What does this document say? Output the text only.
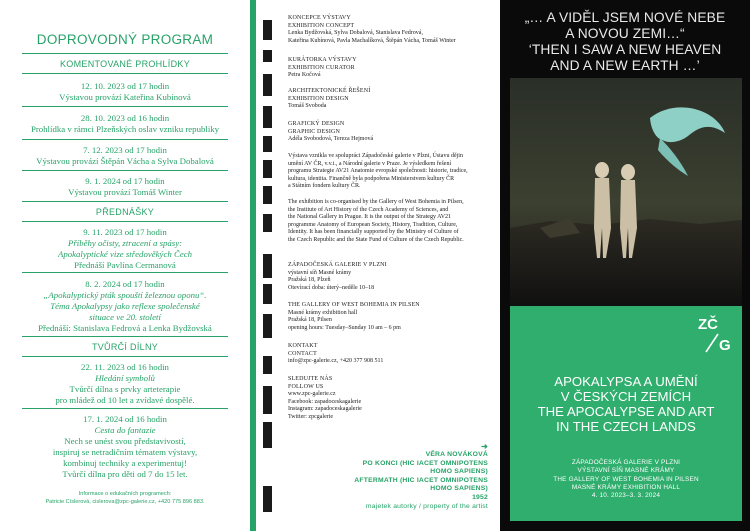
DOPROVODNÝ PROGRAM
KOMENTOVANÉ PROHLÍDKY
12. 10. 2023 od 17 hodin
Výstavou provází Kateřina Kubínová
28. 10. 2023 od 16 hodin
Prohlídka v rámci Plzeňských oslav vzniku republiky
7. 12. 2023 od 17 hodin
Výstavou provází Štěpán Vácha a Sylva Dobalová
9. 1. 2024 od 17 hodin
Výstavou provází Tomáš Winter
PŘEDNÁŠKY
9. 11. 2023 od 17 hodin
Příběhy očisty, ztracení a spásy:
Apokalyptické vize středověkých Čech
Přednáší Pavlína Cermanová
8. 2. 2024 od 17 hodin
„Apokalyptický pták spouští železnou oponu“.
Téma Apokalypsy jako reflexe společenské
situace ve 20. století
Přednáší: Stanislava Fedrová a Lenka Bydžovská
TVŮRČÍ DÍLNY
22. 11. 2023 od 16 hodin
Hledání symbolů
Tvůrčí dílna s prvky arteterapie
pro mládež od 10 let a zvídavé dospělé.
17. 1. 2024 od 16 hodin
Cesta do fantazie
Nech se unést svou představivostí,
inspiruj se netradičním tématem výstavy,
kombinuj techniky a experimentuj!
Tvůrčí dílna pro děti od 7 do 15 let.
Informace o edukačních programech:
Patricie Císlerová, cislerova@zpc-galerie.cz, +420 775 896 883.

KONCEPCE VÝSTAVY

EXHIBITION CONCEPT

Lenka Bydžovská, Sylva Dobalová, Stanislava Fedrová,

Kateřina Kubínová, Pavla Machalíková, Štěpán Vácha, Tomáš Winter

KURÁTORKA VÝSTAVY

EXHIBITION CURATOR

Petra Kočová

ARCHITEKTONICKÉ ŘEŠENÍ

EXHIBITION DESIGN

Tomáš Svoboda

GRAFICKÝ DESIGN

GRAPHIC DESIGN

Adéla Svobodová, Tereza Hejmová

Výstava vznikla ve spolupráci Západočeské galerie v Plzni, Ústavu dějin

umění AV ČR, v.v.i., a Národní galerie v Praze. Je výsledkem řešení

programu Strategie AV21 Anatomie evropské společnosti: historie, tradice,

kultura, identita. Finančně byla podpořena Ministerstvem kultury ČR

a Státním fondem kultury ČR.

The exhibition is co-organised by the Gallery of West Bohemia in Pilsen,

the Institute of Art History of the Czech Academy of Sciences, and

the National Gallery in Prague. It is the output of the Strategy AV21

programme Anatomy of European Society, History, Tradition, Culture,

Identity. It has been financially supported by the Ministry of Culture of

the Czech Republic and the State Fund of Culture of the Czech Republic.

ZÁPADOČESKÁ GALERIE V PLZNI

výstavní síň Masné krámy

Pražská 18, Plzeň

Otevírací doba: úterý–neděle 10–18

THE GALLERY OF WEST BOHEMIA IN PILSEN

Masné krámy exhibition hall

Pražská 18, Pilsen

opening hours: Tuesday–Sunday 10 am – 6 pm

KONTAKT

CONTACT

info@zpc-galerie.cz, +420 377 908 511

SLEDUJTE NÁS

FOLLOW US

www.zpc-galerie.cz

Facebook: zapadoceskagalerie

Instagram: zapadoceskagalerie

Twitter: zpcgalerie

➜
VĚRA NOVÁKOVÁ
PO KONCI (HIC IACET OMNIPOTENS
HOMO SAPIENS)
AFTERMATH (HIC IACET OMNIPOTENS
HOMO SAPIENS)
1952
majetek autorky / property of the artist
„… A VIDĚL JSEM NOVÉ NEBE
A NOVOU ZEMI…“
‘THEN I SAW A NEW HEAVEN
AND A NEW EARTH …’
ZČ
G
APOKALYPSA A UMĚNÍ
V ČESKÝCH ZEMÍCH
THE APOCALYPSE AND ART
IN THE CZECH LANDS
ZÁPADOČESKÁ GALERIE V PLZNI
VÝSTAVNÍ SÍŇ MASNÉ KRÁMY
THE GALLERY OF WEST BOHEMIA IN PILSEN
MASNÉ KRÁMY EXHIBITION HALL
4. 10. 2023–3. 3. 2024
